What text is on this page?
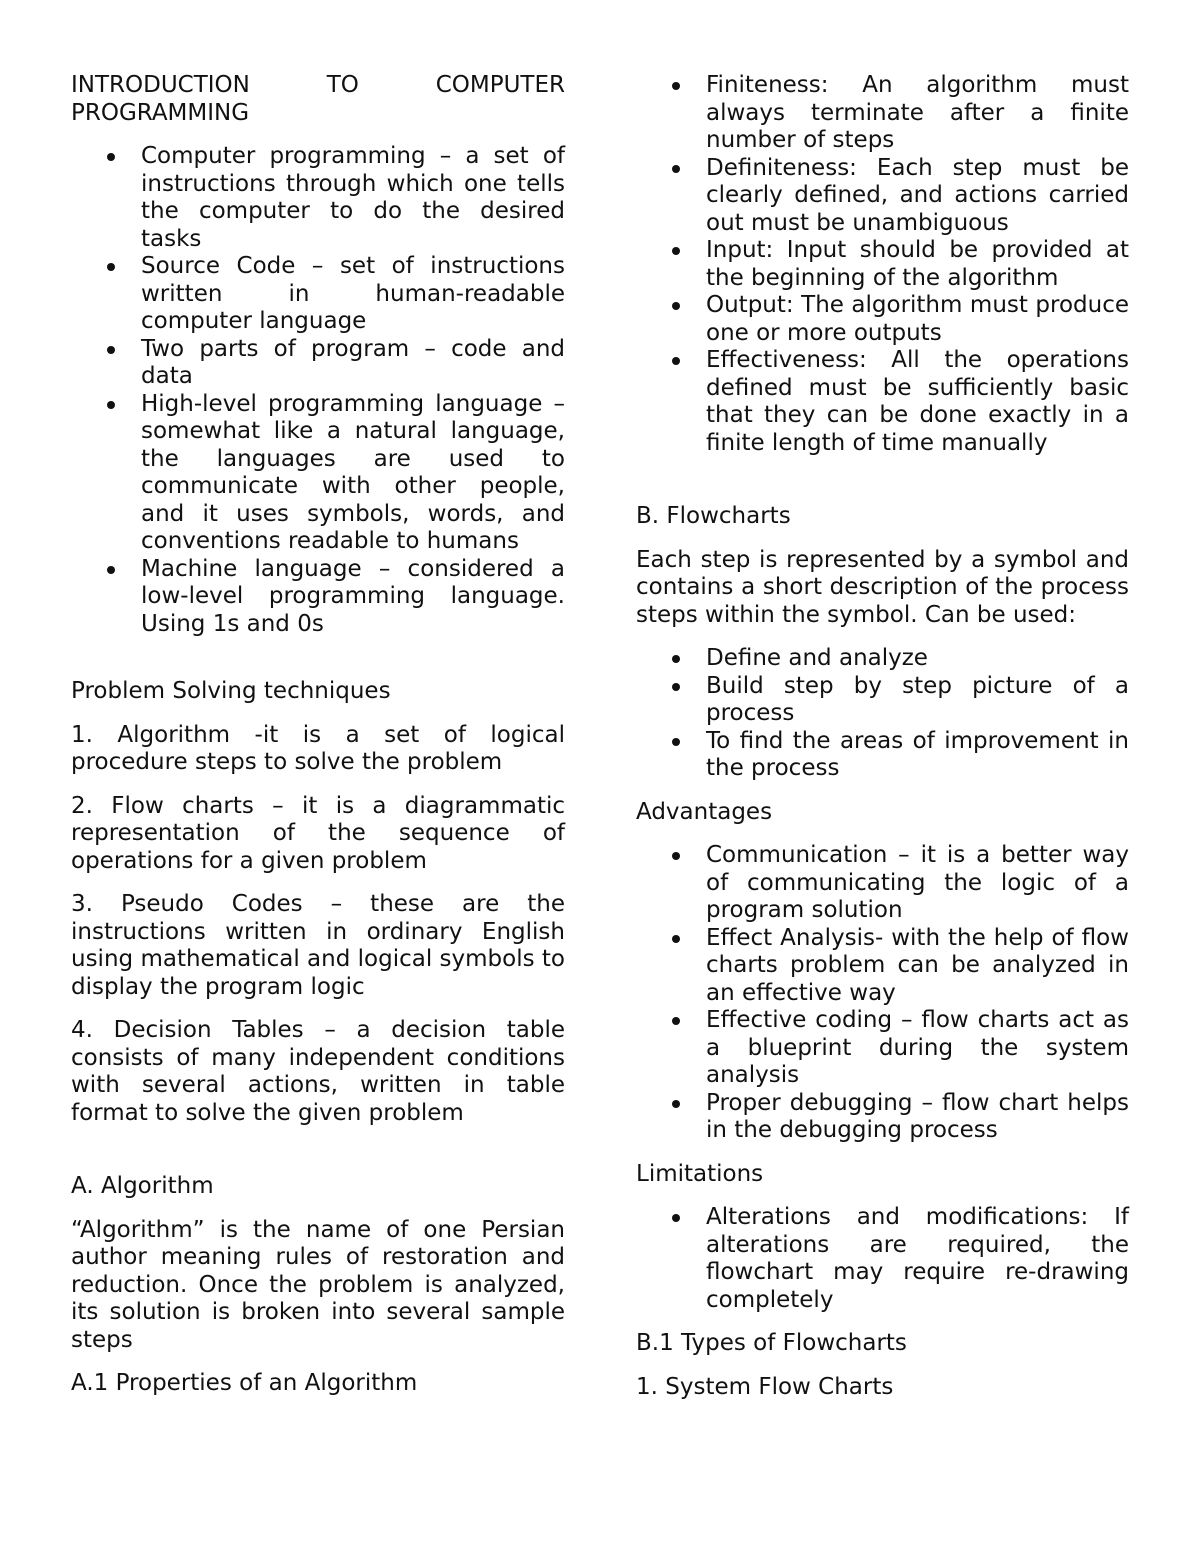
INTRODUCTION TO COMPUTER PROGRAMMING

Computer programming – a set of instructions through which one tells the computer to do the desired tasks
Source Code – set of instructions written in human-readable computer language
Two parts of program – code and data
High-level programming language – somewhat like a natural language, the languages are used to communicate with other people, and it uses symbols, words, and conventions readable to humans
Machine language – considered a low-level programming language. Using 1s and 0s

Problem Solving techniques

1. Algorithm -it is a set of logical procedure steps to solve the problem

2. Flow charts – it is a diagrammatic representation of the sequence of operations for a given problem

3. Pseudo Codes – these are the instructions written in ordinary English using mathematical and logical symbols to display the program logic

4. Decision Tables – a decision table consists of many independent conditions with several actions, written in table format to solve the given problem

A. Algorithm

“Algorithm” is the name of one Persian author meaning rules of restoration and reduction. Once the problem is analyzed, its solution is broken into several sample steps

A.1 Properties of an Algorithm

Finiteness: An algorithm must always terminate after a finite number of steps
Definiteness: Each step must be clearly defined, and actions carried out must be unambiguous
Input: Input should be provided at the beginning of the algorithm
Output: The algorithm must produce one or more outputs
Effectiveness: All the operations defined must be sufficiently basic that they can be done exactly in a finite length of time manually

B. Flowcharts

Each step is represented by a symbol and contains a short description of the process steps within the symbol. Can be used:

Define and analyze
Build step by step picture of a process
To find the areas of improvement in the process

Advantages

Communication – it is a better way of communicating the logic of a program solution
Effect Analysis- with the help of flow charts problem can be analyzed in an effective way
Effective coding – flow charts act as a blueprint during the system analysis
Proper debugging – flow chart helps in the debugging process

Limitations

Alterations and modifications: If alterations are required, the flowchart may require re-drawing completely

B.1 Types of Flowcharts

1. System Flow Charts
